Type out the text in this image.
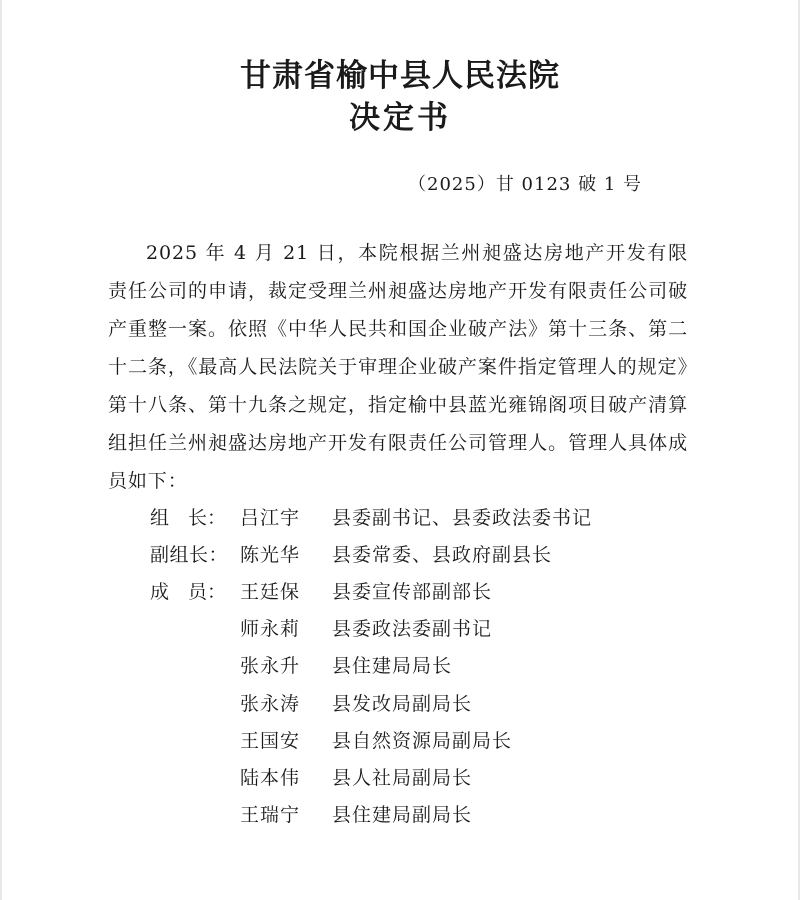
甘肃省榆中县人民法院
决定书
（2025）甘 0123 破 1 号
2025 年 4 月 21 日，本院根据兰州昶盛达房地产开发有限责任公司的申请，裁定受理兰州昶盛达房地产开发有限责任公司破产重整一案。依照《中华人民共和国企业破产法》第十三条、第二十二条，《最高人民法院关于审理企业破产案件指定管理人的规定》第十八条、第十九条之规定，指定榆中县蓝光雍锦阁项目破产清算组担任兰州昶盛达房地产开发有限责任公司管理人。管理人具体成员如下：
组　长： 吕江宇 县委副书记、县委政法委书记
副组长： 陈光华 县委常委、县政府副县长
成　员： 王廷保 县委宣传部副部长
师永莉 县委政法委副书记
张永升 县住建局局长
张永涛 县发改局副局长
王国安 县自然资源局副局长
陆本伟 县人社局副局长
王瑞宁 县住建局副局长
